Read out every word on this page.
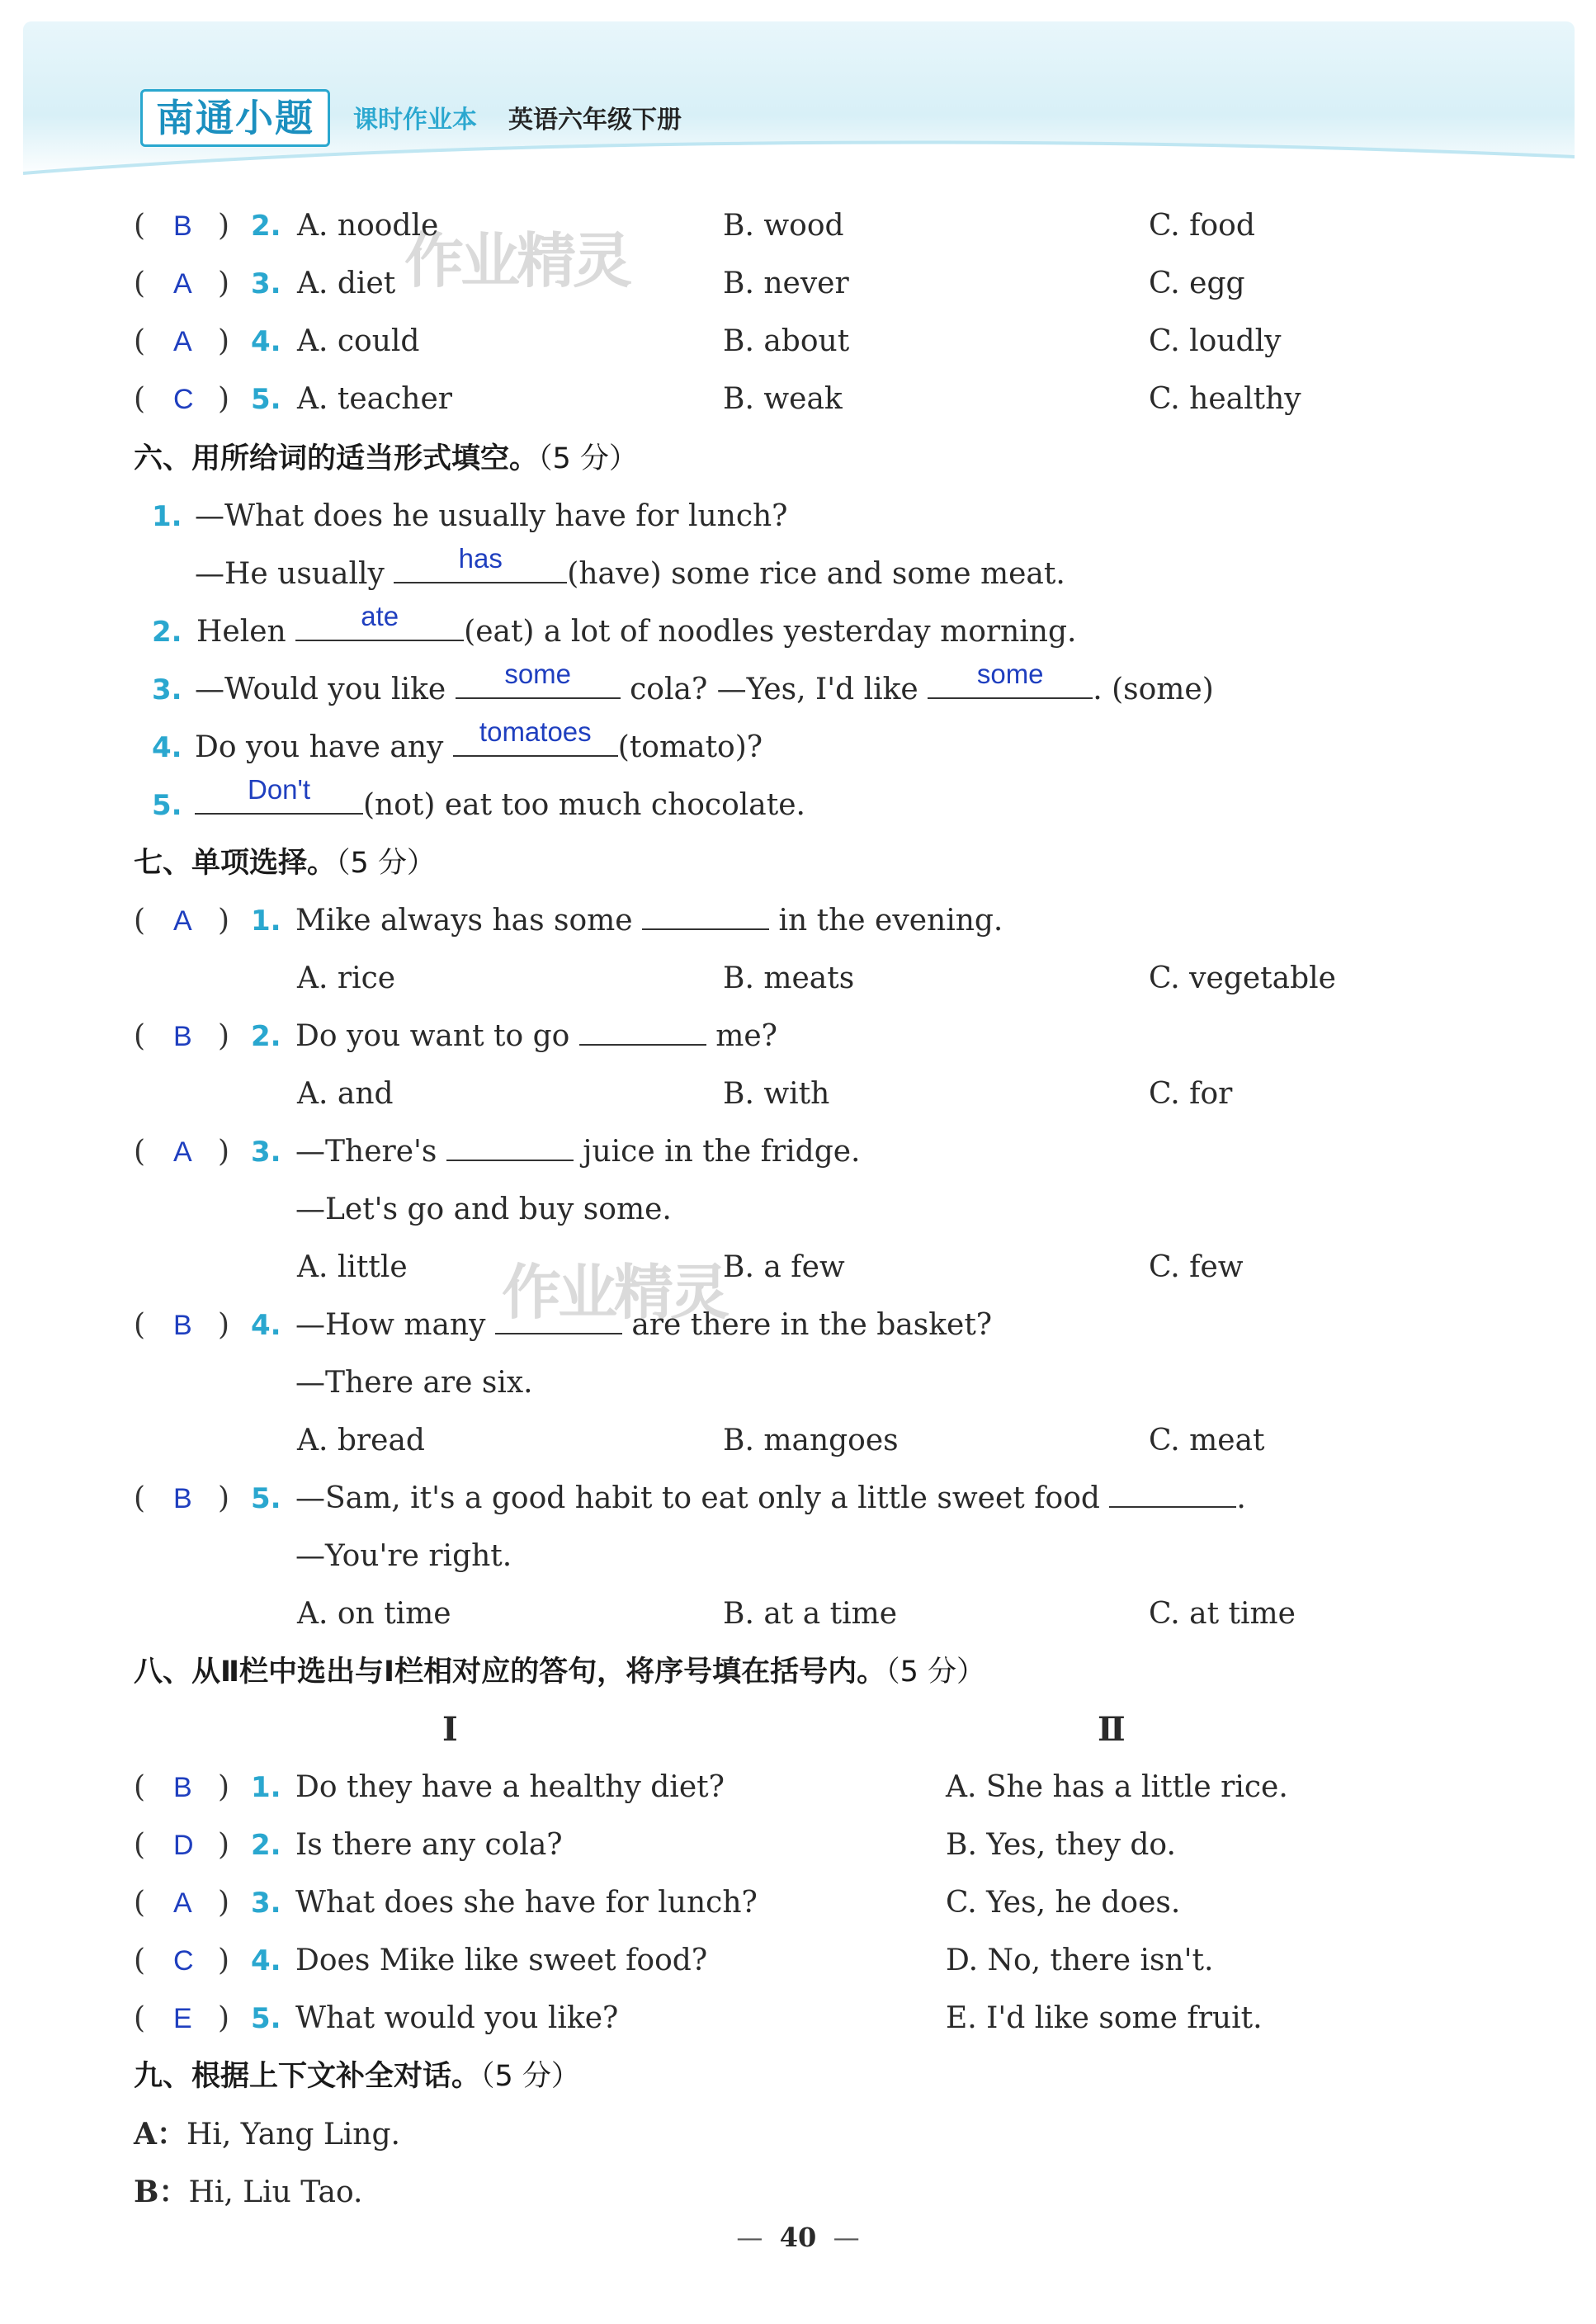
南通小题	课时作业本 英语六年级下册
作业精灵
作业精灵
( B ) 2. A. noodle	B. wood	C. food
( A ) 3. A. diet	B. never	C. egg
( A ) 4. A. could	B. about	C. loudly
( C ) 5. A. teacher	B. weak	C. healthy
六、用所给词的适当形式填空。（5 分）
1. —What does he usually have for lunch?
—He usually	has	(have) some rice and some meat.
2. Helen	ate	(eat) a lot of noodles yesterday morning.
3. —Would you like	some	cola? —Yes, I'd like	some	. (some)
4. Do you have any	tomatoes (tomato)?
5.	Don't	(not) eat too much chocolate.
七、单项选择。（5 分）
( A ) 1. Mike always has some	in the evening.
A. rice	B. meats	C. vegetable
( B ) 2. Do you want to go	me?
A. and	B. with	C. for
( A ) 3. —There's	juice in the fridge.
—Let's go and buy some.
A. little	B. a few	C. few
( B ) 4. —How many	are there in the basket?
—There are six.
A. bread	B. mangoes	C. meat
( B ) 5. —Sam, it's a good habit to eat only a little sweet food	.
—You're right.
A. on time	B. at a time	C. at time
八、从Ⅱ栏中选出与Ⅰ栏相对应的答句，将序号填在括号内。（5 分）
Ⅰ	Ⅱ
( B ) 1. Do they have a healthy diet?	A. She has a little rice.
( D ) 2. Is there any cola?	B. Yes, they do.
( A ) 3. What does she have for lunch?	C. Yes, he does.
( C ) 4. Does Mike like sweet food?	D. No, there isn't.
( E ) 5. What would you like?	E. I'd like some fruit.
九、根据上下文补全对话。（5 分）
A：Hi, Yang Ling.
B：Hi, Liu Tao.
—  40  —
